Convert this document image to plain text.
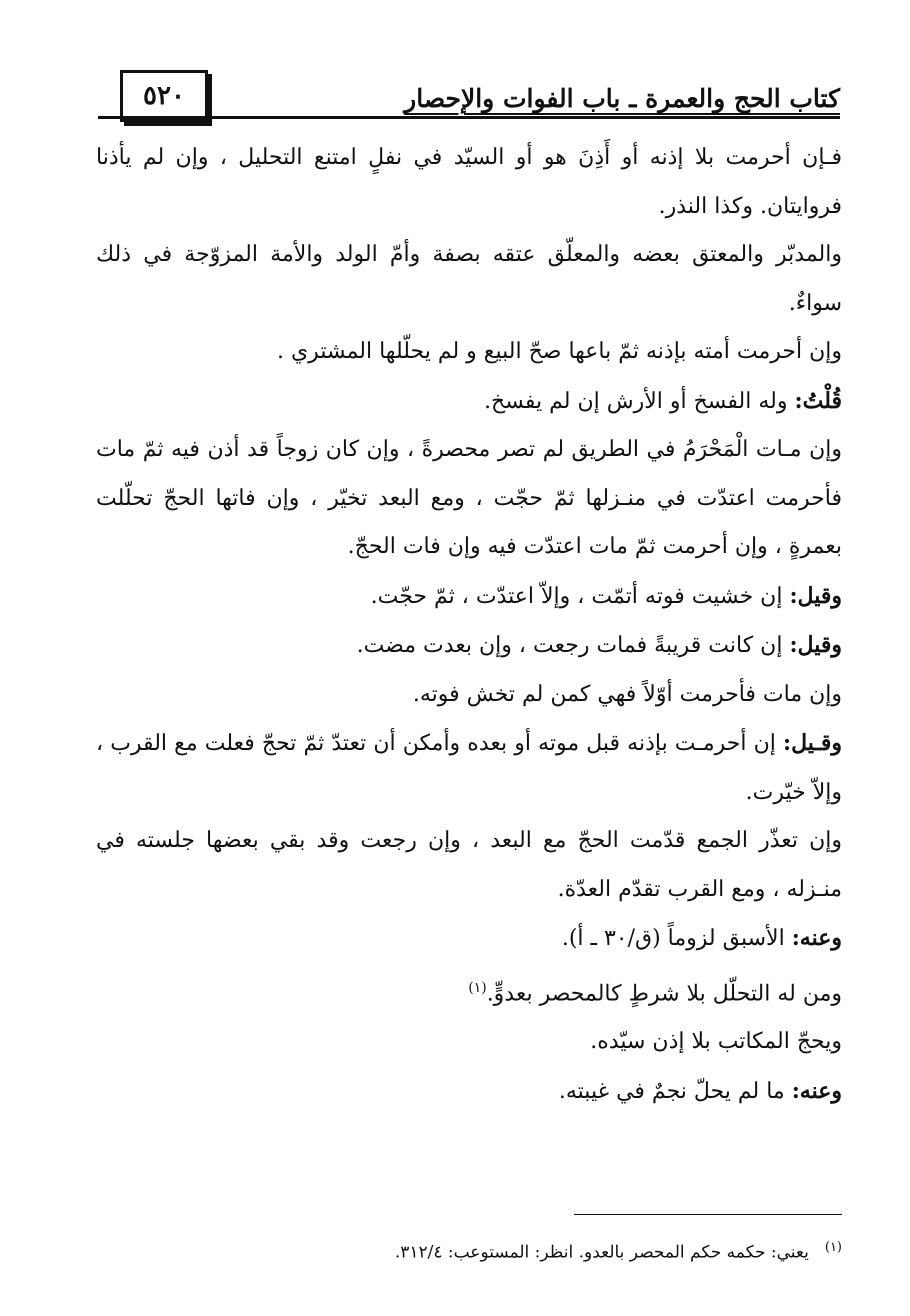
٥٢٠	كتاب الحج والعمرة ـ باب الفوات والإحصار

فـإن أحرمت بلا إذنه أو أَذِنَ هو أو السيّد في نفلٍ امتنع التحليل ، وإن لم يأذنا فروايتان. وكذا النذر.

والمدبّر والمعتق بعضه والمعلّق عتقه بصفة وأمّ الولد والأمة المزوّجة في ذلك سواءٌ.

وإن أحرمت أمته بإذنه ثمّ باعها صحّ البيع و لم يحلّلها المشتري .

قُلْتُ: وله الفسخ أو الأرش إن لم يفسخ.

وإن مـات الْمَحْرَمُ في الطريق لم تصر محصرةً ، وإن كان زوجاً قد أذن فيه ثمّ مات فأحرمت اعتدّت في منـزلها ثمّ حجّت ، ومع البعد تخيّر ، وإن فاتها الحجّ تحلّلت بعمرةٍ ، وإن أحرمت ثمّ مات اعتدّت فيه وإن فات الحجّ.

وقيل: إن خشيت فوته أتمّت ، وإلاّ اعتدّت ، ثمّ حجّت.

وقيل: إن كانت قريبةً فمات رجعت ، وإن بعدت مضت.

وإن مات فأحرمت أوّلاً فهي كمن لم تخش فوته.

وقـيل: إن أحرمـت بإذنه قبل موته أو بعده وأمكن أن تعتدّ ثمّ تحجّ فعلت مع القرب ، وإلاّ خيّرت.

وإن تعذّر الجمع قدّمت الحجّ مع البعد ، وإن رجعت وقد بقي بعضها جلسته في منـزله ، ومع القرب تقدّم العدّة.

وعنه: الأسبق لزوماً (ق/٣٠ ـ أ).

ومن له التحلّل بلا شرطٍ كالمحصر بعدوٍّ.$^{(١)}$

ويحجّ المكاتب بلا إذن سيّده.

وعنه: ما لم يحلّ نجمٌ في غيبته.

$^{(١)}$يعني: حكمه حكم المحصر بالعدو. انظر: المستوعب: ٣١٢/٤.
